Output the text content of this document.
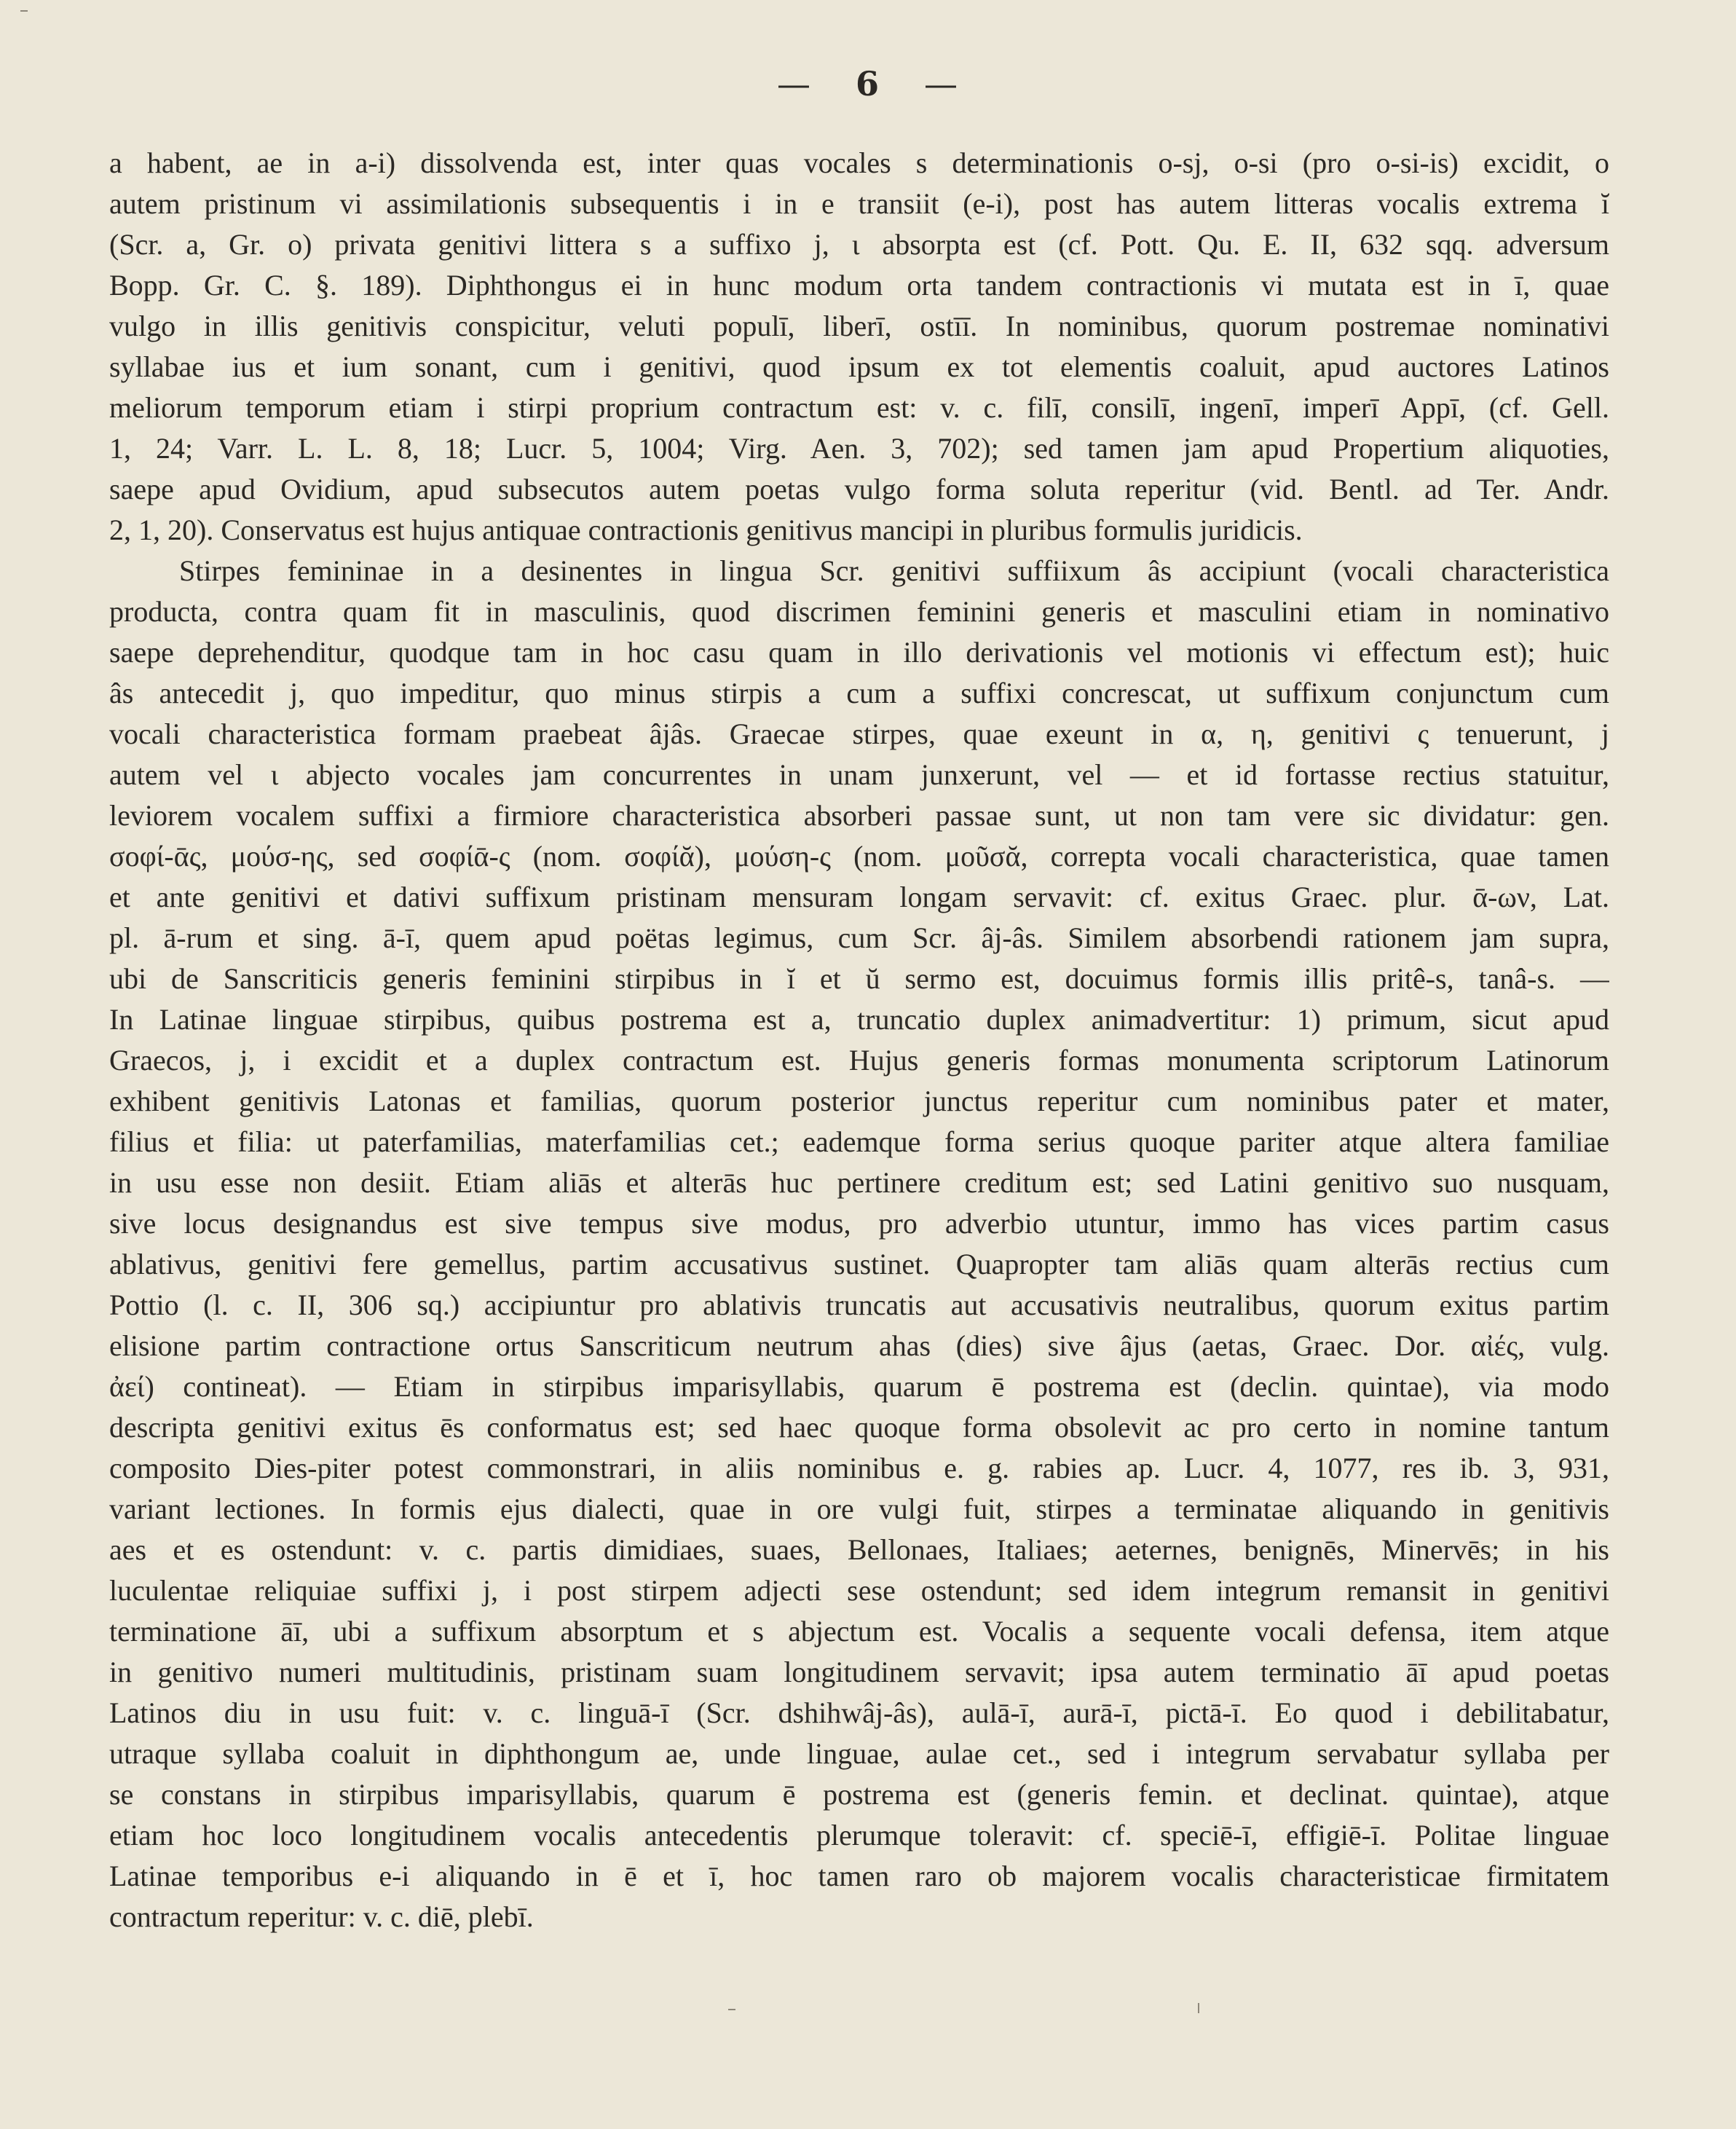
— 6 —
a habent, ae in a-i) dissolvenda est, inter quas vocales s determinationis o-sj, o-si (pro o-si-is) excidit, o
autem pristinum vi assimilationis subsequentis i in e transiit (e-i), post has autem litteras vocalis extrema ĭ
(Scr. a, Gr. o) privata genitivi littera s a suffixo j, ι absorpta est (cf. Pott. Qu. E. II, 632 sqq. adversum
Bopp. Gr. C. §. 189). Diphthongus ei in hunc modum orta tandem contractionis vi mutata est in ī, quae
vulgo in illis genitivis conspicitur, veluti populī, liberī, ostīī. In nominibus, quorum postremae nominativi
syllabae ius et ium sonant, cum i genitivi, quod ipsum ex tot elementis coaluit, apud auctores Latinos
meliorum temporum etiam i stirpi proprium contractum est: v. c. filī, consilī, ingenī, imperī Appī, (cf. Gell.
1, 24; Varr. L. L. 8, 18; Lucr. 5, 1004; Virg. Aen. 3, 702); sed tamen jam apud Propertium aliquoties,
saepe apud Ovidium, apud subsecutos autem poetas vulgo forma soluta reperitur (vid. Bentl. ad Ter. Andr.
2, 1, 20). Conservatus est hujus antiquae contractionis genitivus mancipi in pluribus formulis juridicis.
Stirpes femininae in a desinentes in lingua Scr. genitivi suffiixum âs accipiunt (vocali characteristica
producta, contra quam fit in masculinis, quod discrimen feminini generis et masculini etiam in nominativo
saepe deprehenditur, quodque tam in hoc casu quam in illo derivationis vel motionis vi effectum est); huic
âs antecedit j, quo impeditur, quo minus stirpis a cum a suffixi concrescat, ut suffixum conjunctum cum
vocali characteristica formam praebeat âjâs. Graecae stirpes, quae exeunt in α, η, genitivi ς tenuerunt, j
autem vel ι abjecto vocales jam concurrentes in unam junxerunt, vel — et id fortasse rectius statuitur,
leviorem vocalem suffixi a firmiore characteristica absorberi passae sunt, ut non tam vere sic dividatur: gen.
σοφί-ᾱς, μούσ-ης, sed σοφίᾱ-ς (nom. σοφίᾰ), μούση-ς (nom. μοῦσᾰ, correpta vocali characteristica, quae tamen
et ante genitivi et dativi suffixum pristinam mensuram longam servavit: cf. exitus Graec. plur. ᾱ-ων, Lat.
pl. ā-rum et sing. ā-ī, quem apud poëtas legimus, cum Scr. âj-âs. Similem absorbendi rationem jam supra,
ubi de Sanscriticis generis feminini stirpibus in ĭ et ŭ sermo est, docuimus formis illis pritê-s, tanâ-s. —
In Latinae linguae stirpibus, quibus postrema est a, truncatio duplex animadvertitur: 1) primum, sicut apud
Graecos, j, i excidit et a duplex contractum est. Hujus generis formas monumenta scriptorum Latinorum
exhibent genitivis Latonas et familias, quorum posterior junctus reperitur cum nominibus pater et mater,
filius et filia: ut paterfamilias, materfamilias cet.; eademque forma serius quoque pariter atque altera familiae
in usu esse non desiit. Etiam aliās et alterās huc pertinere creditum est; sed Latini genitivo suo nusquam,
sive locus designandus est sive tempus sive modus, pro adverbio utuntur, immo has vices partim casus
ablativus, genitivi fere gemellus, partim accusativus sustinet. Quapropter tam aliās quam alterās rectius cum
Pottio (l. c. II, 306 sq.) accipiuntur pro ablativis truncatis aut accusativis neutralibus, quorum exitus partim
elisione partim contractione ortus Sanscriticum neutrum ahas (dies) sive âjus (aetas, Graec. Dor. αἰές, vulg.
ἀεί) contineat). — Etiam in stirpibus imparisyllabis, quarum ē postrema est (declin. quintae), via modo
descripta genitivi exitus ēs conformatus est; sed haec quoque forma obsolevit ac pro certo in nomine tantum
composito Dies-piter potest commonstrari, in aliis nominibus e. g. rabies ap. Lucr. 4, 1077, res ib. 3, 931,
variant lectiones. In formis ejus dialecti, quae in ore vulgi fuit, stirpes a terminatae aliquando in genitivis
aes et es ostendunt: v. c. partis dimidiaes, suaes, Bellonaes, Italiaes; aeternes, benignēs, Minervēs; in his
luculentae reliquiae suffixi j, i post stirpem adjecti sese ostendunt; sed idem integrum remansit in genitivi
terminatione āī, ubi a suffixum absorptum et s abjectum est. Vocalis a sequente vocali defensa, item atque
in genitivo numeri multitudinis, pristinam suam longitudinem servavit; ipsa autem terminatio āī apud poetas
Latinos diu in usu fuit: v. c. linguā-ī (Scr. dshihwâj-âs), aulā-ī, aurā-ī, pictā-ī. Eo quod i debilitabatur,
utraque syllaba coaluit in diphthongum ae, unde linguae, aulae cet., sed i integrum servabatur syllaba per
se constans in stirpibus imparisyllabis, quarum ē postrema est (generis femin. et declinat. quintae), atque
etiam hoc loco longitudinem vocalis antecedentis plerumque toleravit: cf. speciē-ī, effigiē-ī. Politae linguae
Latinae temporibus e-i aliquando in ē et ī, hoc tamen raro ob majorem vocalis characteristicae firmitatem
contractum reperitur: v. c. diē, plebī.
